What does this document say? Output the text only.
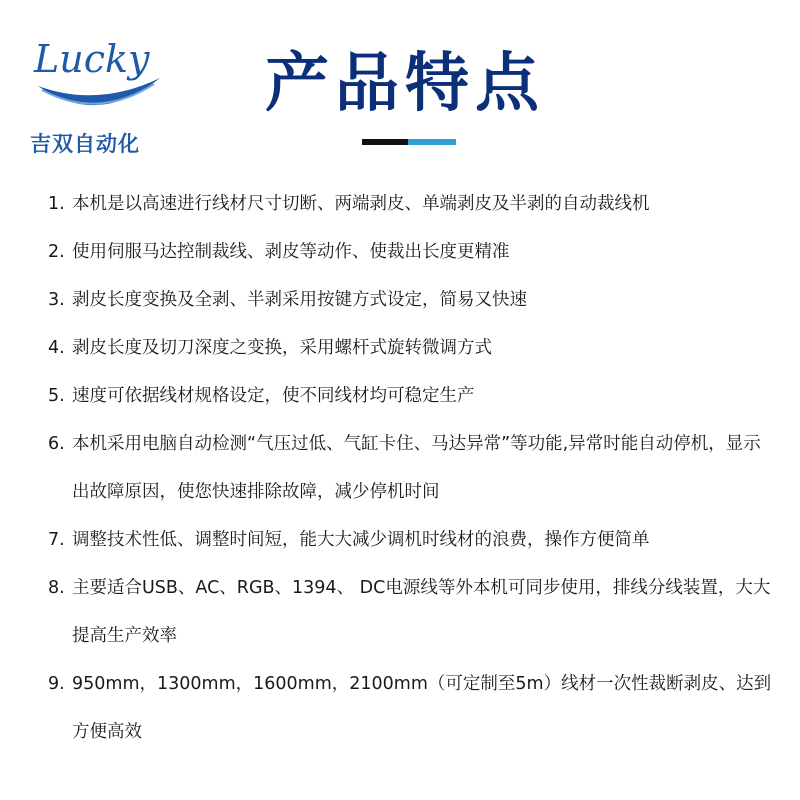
Lucky
吉双自动化
产品特点
1. 本机是以高速进行线材尺寸切断、两端剥皮、单端剥皮及半剥的自动裁线机
2. 使用伺服马达控制裁线、剥皮等动作、使裁出长度更精准
3. 剥皮长度变换及全剥、半剥采用按键方式设定，简易又快速
4. 剥皮长度及切刀深度之变换，采用螺杆式旋转微调方式
5. 速度可依据线材规格设定，使不同线材均可稳定生产
6. 本机采用电脑自动检测“气压过低、气缸卡住、马达异常”等功能,异常时能自动停机，显示出故障原因，使您快速排除故障，减少停机时间
7. 调整技术性低、调整时间短，能大大减少调机时线材的浪费，操作方便简单
8. 主要适合USB、AC、RGB、1394、 DC电源线等外本机可同步使用，排线分线装置，大大提高生产效率
9. 950mm，1300mm，1600mm，2100mm（可定制至5m）线材一次性裁断剥皮、达到方便高效
